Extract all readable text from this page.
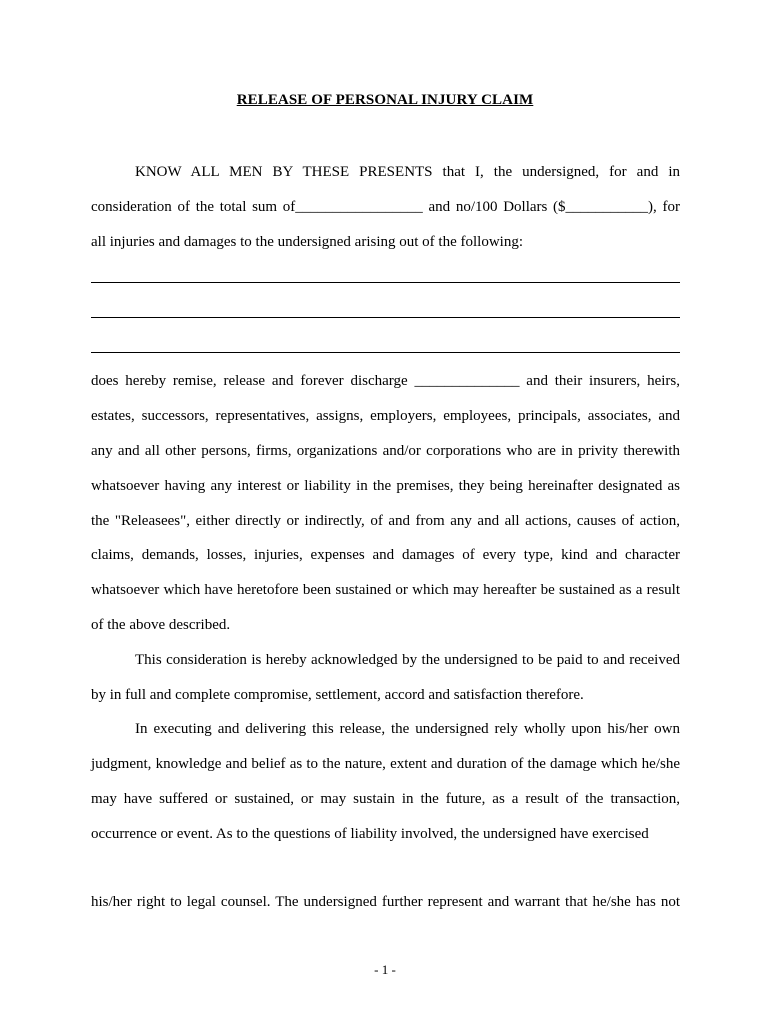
RELEASE OF PERSONAL INJURY CLAIM
KNOW ALL MEN BY THESE PRESENTS that I, the undersigned, for and in
consideration of the total sum of_________________ and no/100 Dollars ($___________), for
all injuries and damages to the undersigned arising out of the following:
does hereby remise, release and forever discharge ______________ and their insurers, heirs,
estates, successors, representatives, assigns, employers, employees, principals, associates, and
any and all other persons, firms, organizations and/or corporations who are in privity therewith
whatsoever having any interest or liability in the premises, they being hereinafter designated as
the "Releasees", either directly or indirectly, of and from any and all actions, causes of action,
claims, demands, losses, injuries, expenses and damages of every type, kind and character
whatsoever which have heretofore been sustained or which may hereafter be sustained as a result
of the above described.
This consideration is hereby acknowledged by the undersigned to be paid to and received
by in full and complete compromise, settlement, accord and satisfaction therefore.
In executing and delivering this release, the undersigned rely wholly upon his/her own
judgment, knowledge and belief as to the nature, extent and duration of the damage which he/she
may have suffered or sustained, or may sustain in the future, as a result of the transaction,
occurrence or event. As to the questions of liability involved, the undersigned have exercised
his/her right to legal counsel. The undersigned further represent and warrant that he/she has not
- 1 -
